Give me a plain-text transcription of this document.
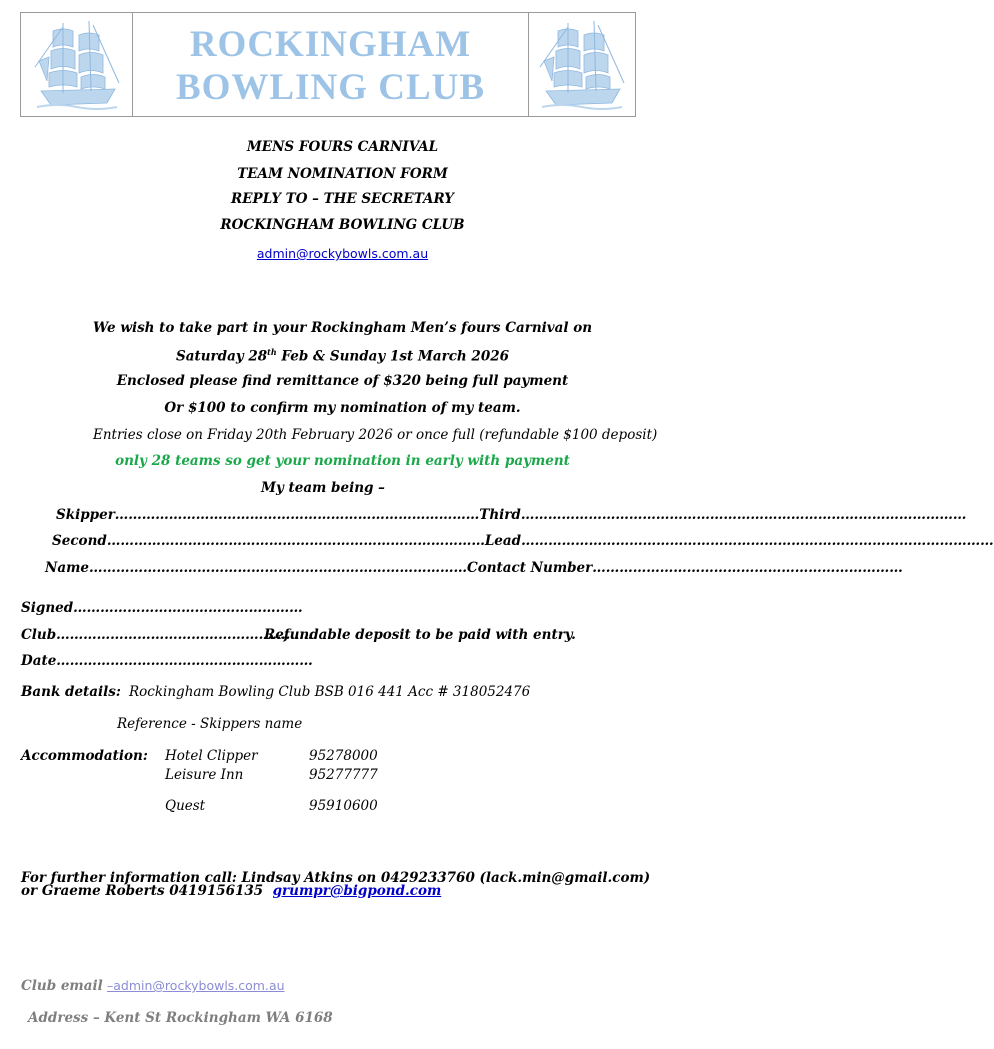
ROCKINGHAM
BOWLING CLUB
MENS FOURS CARNIVAL
TEAM NOMINATION FORM
REPLY TO – THE SECRETARY
ROCKINGHAM BOWLING CLUB
admin@rockybowls.com.au
We wish to take part in your Rockingham Men’s fours Carnival on
Saturday 28th Feb & Sunday 1st March 2026
Enclosed please find remittance of $320 being full payment
Or $100 to confirm my nomination of my team.
Entries close on Friday 20th February 2026 or once full (refundable $100 deposit)
only 28 teams so get your nomination in early with payment
My team being –
Skipper………………………………………………………………………Third………………………………………………………………………………………
Second…………………………………………………………………………Lead……………………………………………………………………………………………
Name…………………………………………………………………………Contact Number……………………………………………………………
Signed……………………………………………
Club…………………………………………………
Refundable deposit to be paid with entry.
Date…………………………………………………
Bank details: Rockingham Bowling Club BSB 016 441 Acc # 318052476
Reference - Skippers name
Accommodation: Hotel Clipper	95278000
Leisure Inn	95277777
Quest	95910600
For further information call: Lindsay Atkins on 0429233760 (lack.min@gmail.com) or Graeme Roberts 0419156135 grumpr@bigpond.com
Club email –admin@rockybowls.com.au
Address – Kent St Rockingham WA 6168
